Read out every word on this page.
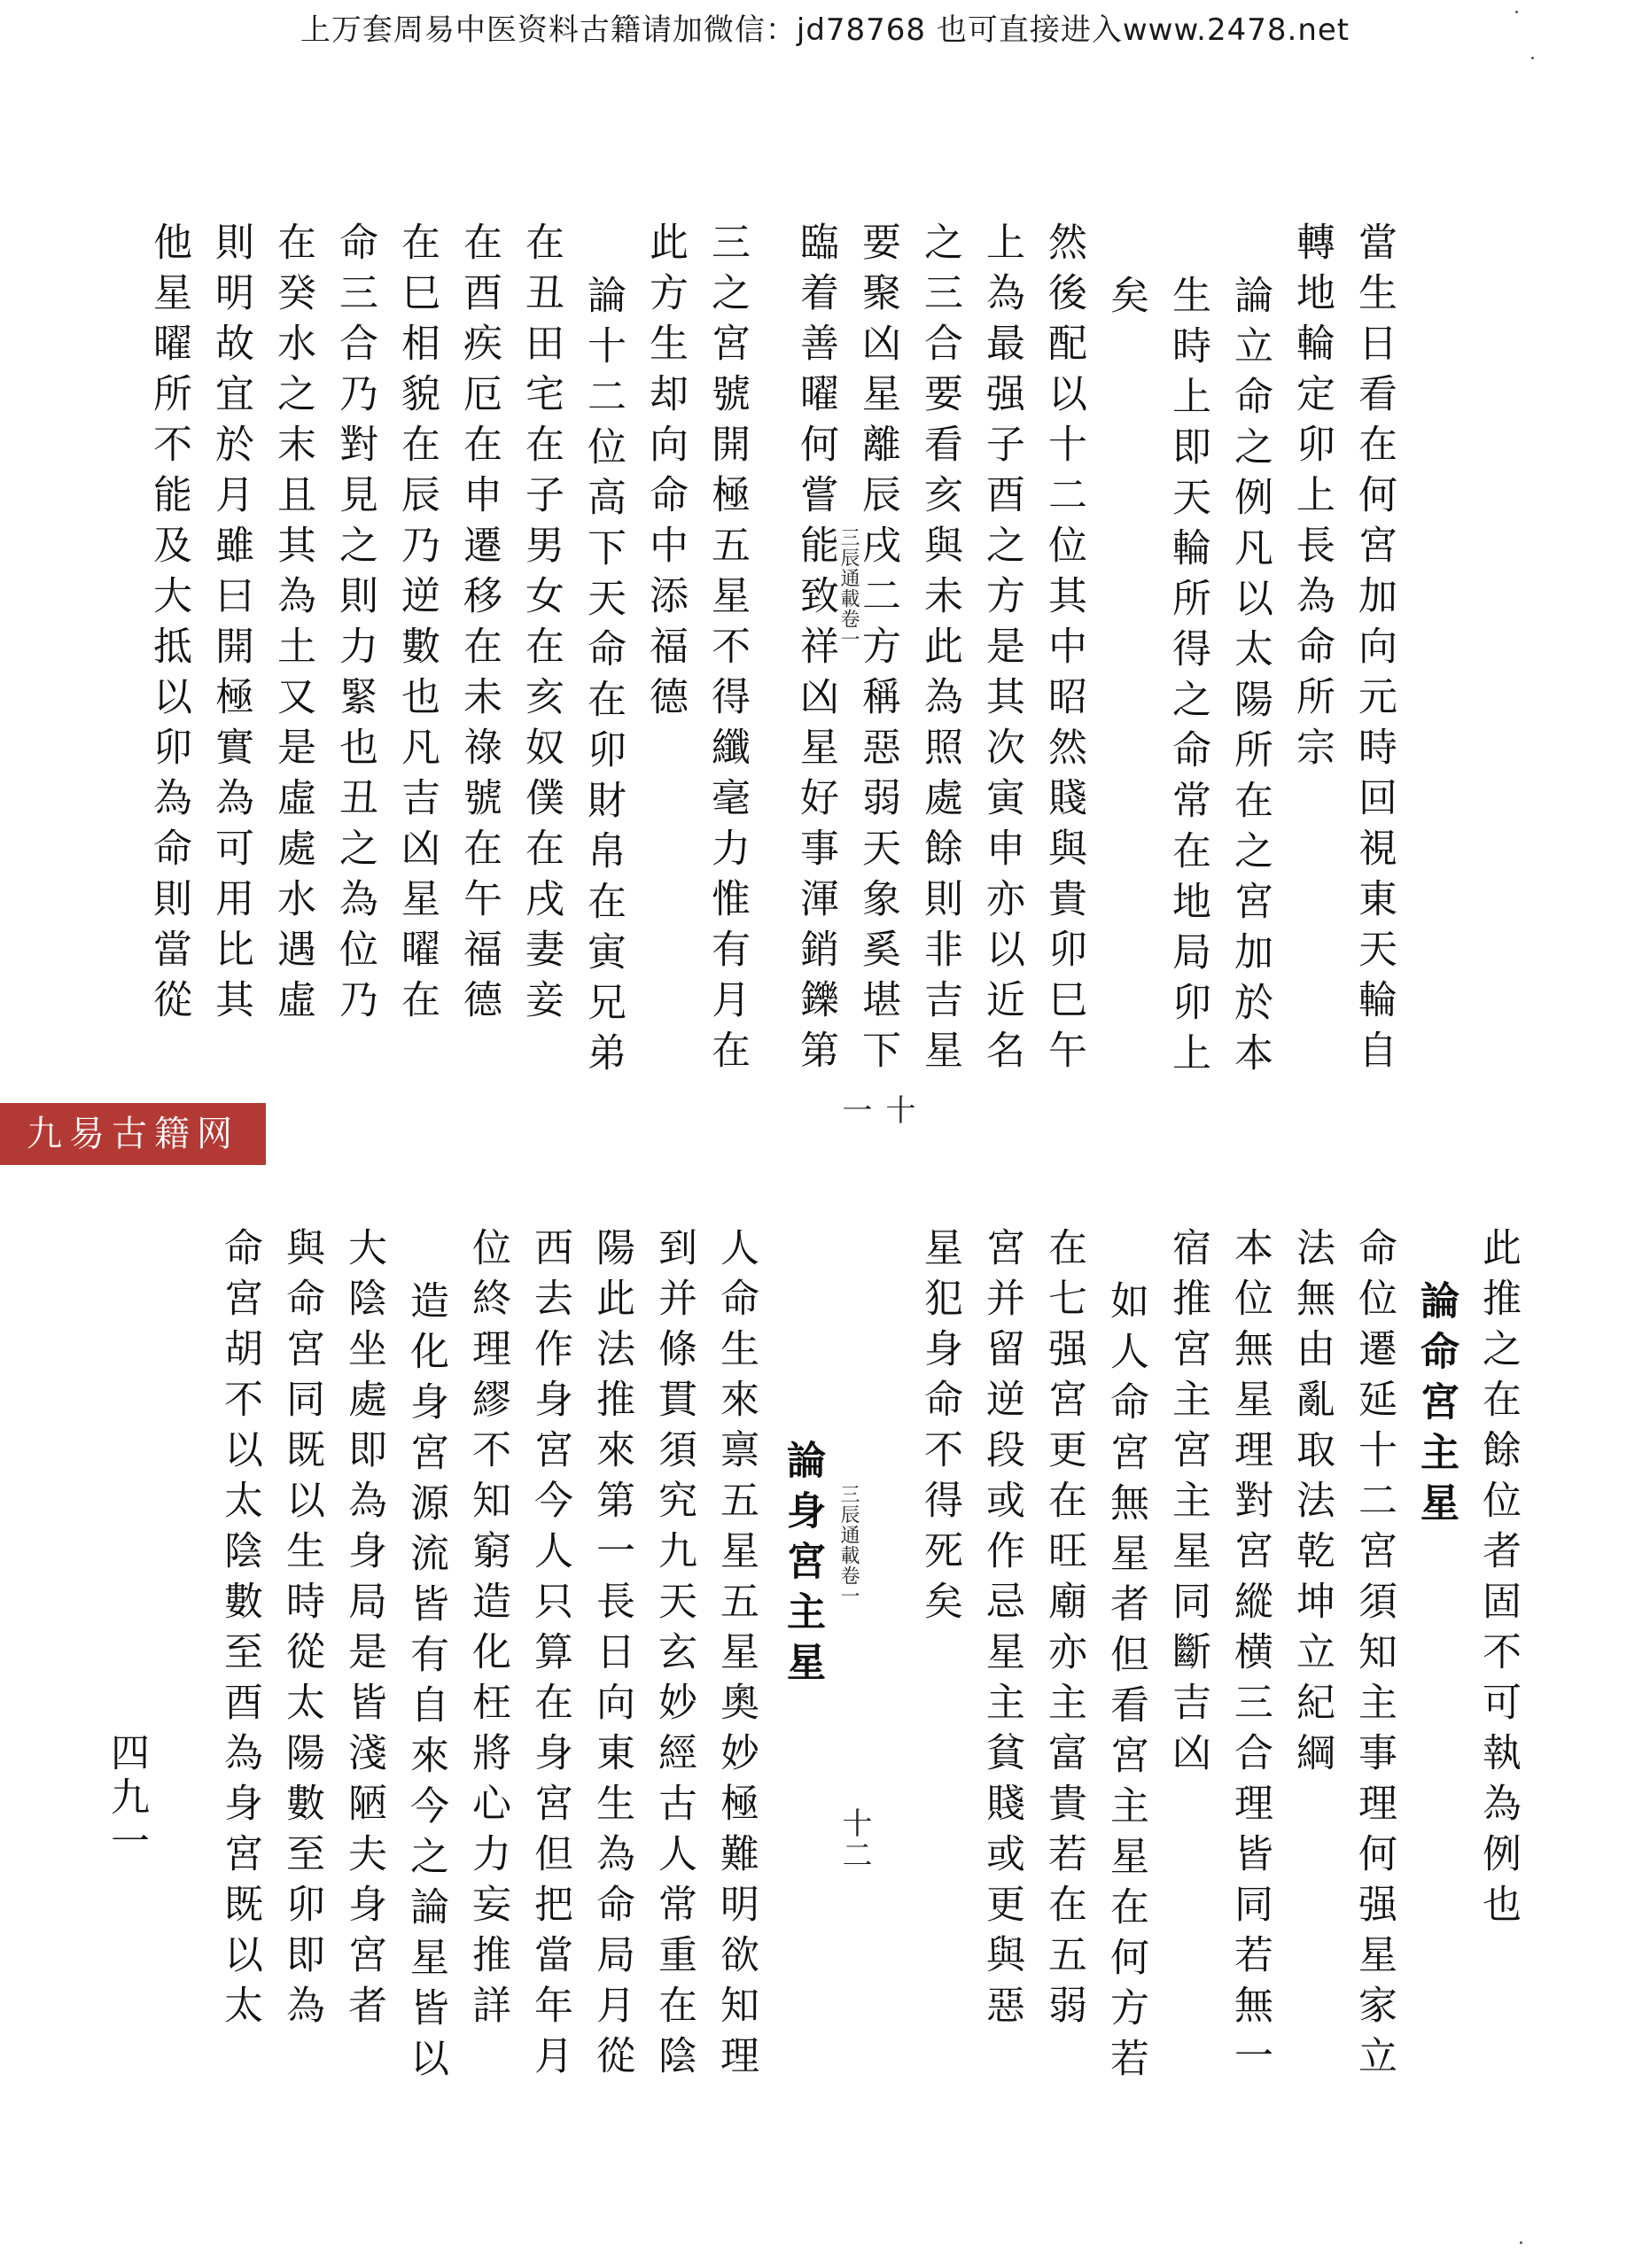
上万套周易中医资料古籍请加微信：jd78768 也可直接进入www.2478.net
當生日看在何宮加向元時回視東天輪自
轉地輪定卯上長為命所宗
論立命之例凡以太陽所在之宮加於本
生時上即天輪所得之命常在地局卯上
矣
然後配以十二位其中昭然賤與貴卯巳午
上為最强子酉之方是其次寅申亦以近名
之三合要看亥與未此為照處餘則非吉星
要聚凶星離辰戌二方稱惡弱天象奚堪下
臨着善曜何嘗能致祥凶星好事渾銷鑠第
三之宮號開極五星不得纖毫力惟有月在
此方生却向命中添福德
論十二位高下天命在卯財帛在寅兄弟
在丑田宅在子男女在亥奴僕在戌妻妾
在酉疾厄在申遷移在未祿號在午福德
在巳相貌在辰乃逆數也凡吉凶星曜在
命三合乃對見之則力緊也丑之為位乃
在癸水之末且其為土又是虛處水遇虛
則明故宜於月雖曰開極實為可用比其
他星曜所不能及大抵以卯為命則當從	三辰通載卷一
十一
九易古籍网
此推之在餘位者固不可執為例也
論命宮主星
命位遷延十二宮須知主事理何强星家立
法無由亂取法乾坤立紀綱
本位無星理對宮縱横三合理皆同若無一
宿推宮主宮主星同斷吉凶
如人命宮無星者但看宮主星在何方若
在七强宮更在旺廟亦主富貴若在五弱
宮并留逆段或作忌星主貧賤或更與惡
星犯身命不得死矣
論身宮主星
人命生來禀五星五星奧妙極難明欲知理
到并條貫須究九天玄妙經古人常重在陰
陽此法推來第一長日向東生為命局月從
西去作身宮今人只算在身宮但把當年月
位終理繆不知窮造化枉將心力妄推詳
造化身宮源流皆有自來今之論星皆以
大陰坐處即為身局是皆淺陋夫身宮者
與命宮同既以生時從太陽數至卯即為
命宮胡不以太陰數至酉為身宮既以太	三辰通載卷一
十二
四九一
